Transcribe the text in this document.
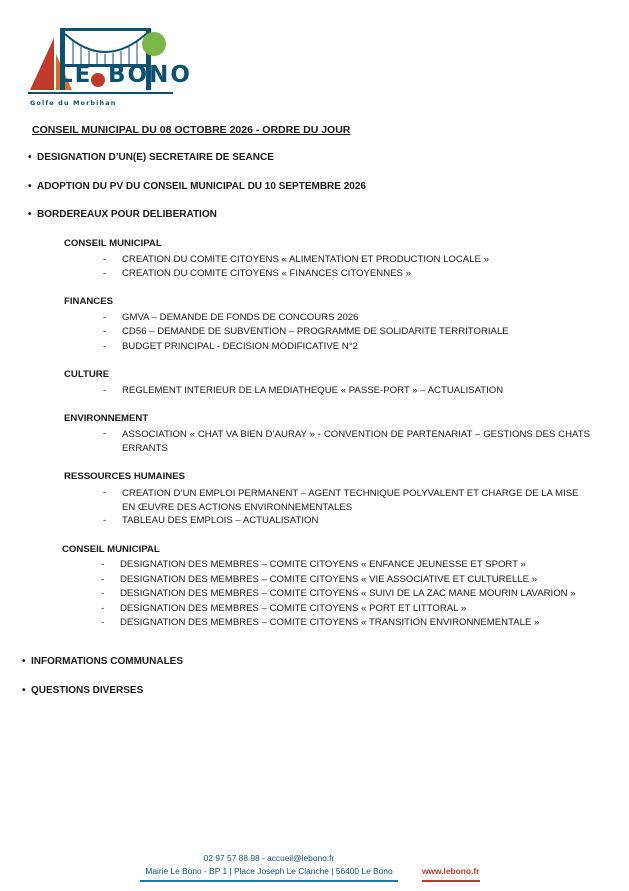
LE BONO
Golfe du Morbihan
CONSEIL MUNICIPAL DU 08 OCTOBRE 2026 - ORDRE DU JOUR
• DESIGNATION D’UN(E) SECRETAIRE DE SEANCE
• ADOPTION DU PV DU CONSEIL MUNICIPAL DU 10 SEPTEMBRE 2026
• BORDEREAUX POUR DELIBERATION
CONSEIL MUNICIPAL
- CREATION DU COMITE CITOYENS « ALIMENTATION ET PRODUCTION LOCALE »
- CREATION DU COMITE CITOYENS « FINANCES CITOYENNES »
FINANCES
- GMVA – DEMANDE DE FONDS DE CONCOURS 2026
- CD56 – DEMANDE DE SUBVENTION – PROGRAMME DE SOLIDARITE TERRITORIALE
- BUDGET PRINCIPAL - DECISION MODIFICATIVE N°2
CULTURE
- REGLEMENT INTERIEUR DE LA MEDIATHEQUE « PASSE-PORT » – ACTUALISATION
ENVIRONNEMENT
- ASSOCIATION « CHAT VA BIEN D’AURAY » - CONVENTION DE PARTENARIAT – GESTIONS DES CHATS ERRANTS
RESSOURCES HUMAINES
- CREATION D’UN EMPLOI PERMANENT – AGENT TECHNIQUE POLYVALENT ET CHARGE DE LA MISE EN ŒUVRE DES ACTIONS ENVIRONNEMENTALES
- TABLEAU DES EMPLOIS – ACTUALISATION
CONSEIL MUNICIPAL
- DESIGNATION DES MEMBRES – COMITE CITOYENS « ENFANCE JEUNESSE ET SPORT »
- DESIGNATION DES MEMBRES – COMITE CITOYENS « VIE ASSOCIATIVE ET CULTURELLE »
- DESIGNATION DES MEMBRES – COMITE CITOYENS « SUIVI DE LA ZAC MANE MOURIN LAVARION »
- DESIGNATION DES MEMBRES – COMITE CITOYENS « PORT ET LITTORAL »
- DESIGNATION DES MEMBRES – COMITE CITOYENS « TRANSITION ENVIRONNEMENTALE »
• INFORMATIONS COMMUNALES
• QUESTIONS DIVERSES
02 97 57 88 98 - accueil@lebono.fr
Mairie Le Bono - BP 1 | Place Joseph Le Clanche | 56400 Le Bono	www.lebono.fr
